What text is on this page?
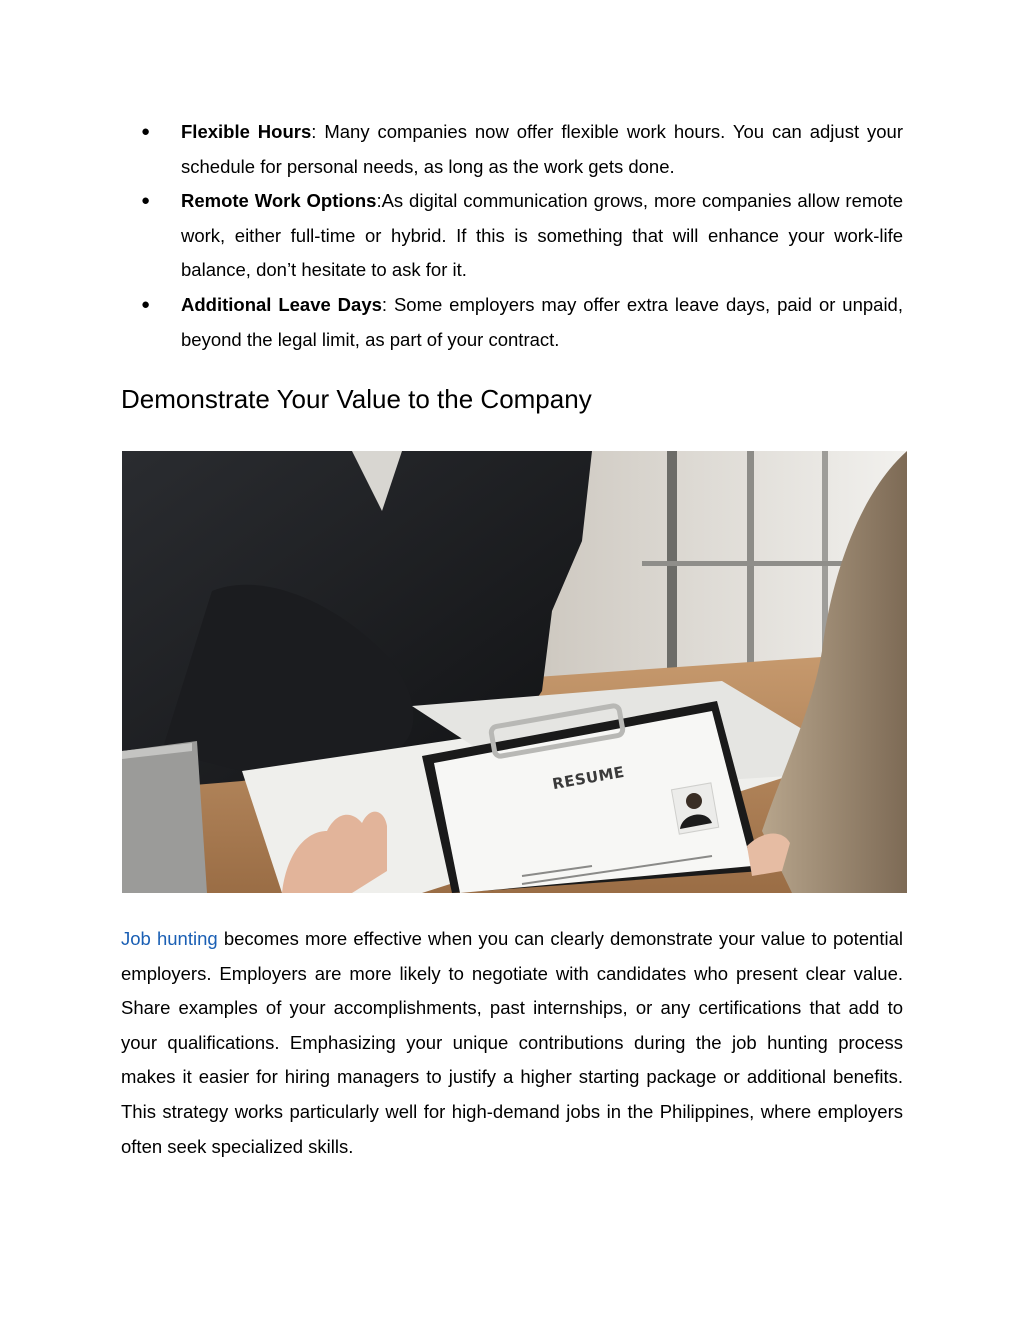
● Flexible Hours: Many companies now offer flexible work hours. You can adjust your schedule for personal needs, as long as the work gets done.
● Remote Work Options:As digital communication grows, more companies allow remote work, either full-time or hybrid. If this is something that will enhance your work-life balance, don’t hesitate to ask for it.
● Additional Leave Days: Some employers may offer extra leave days, paid or unpaid, beyond the legal limit, as part of your contract.
Demonstrate Your Value to the Company
RESUME

Job hunting becomes more effective when you can clearly demonstrate your value to potential employers. Employers are more likely to negotiate with candidates who present clear value. Share examples of your accomplishments, past internships, or any certifications that add to your qualifications. Emphasizing your unique contributions during the job hunting process makes it easier for hiring managers to justify a higher starting package or additional benefits. This strategy works particularly well for high-demand jobs in the Philippines, where employers often seek specialized skills.
